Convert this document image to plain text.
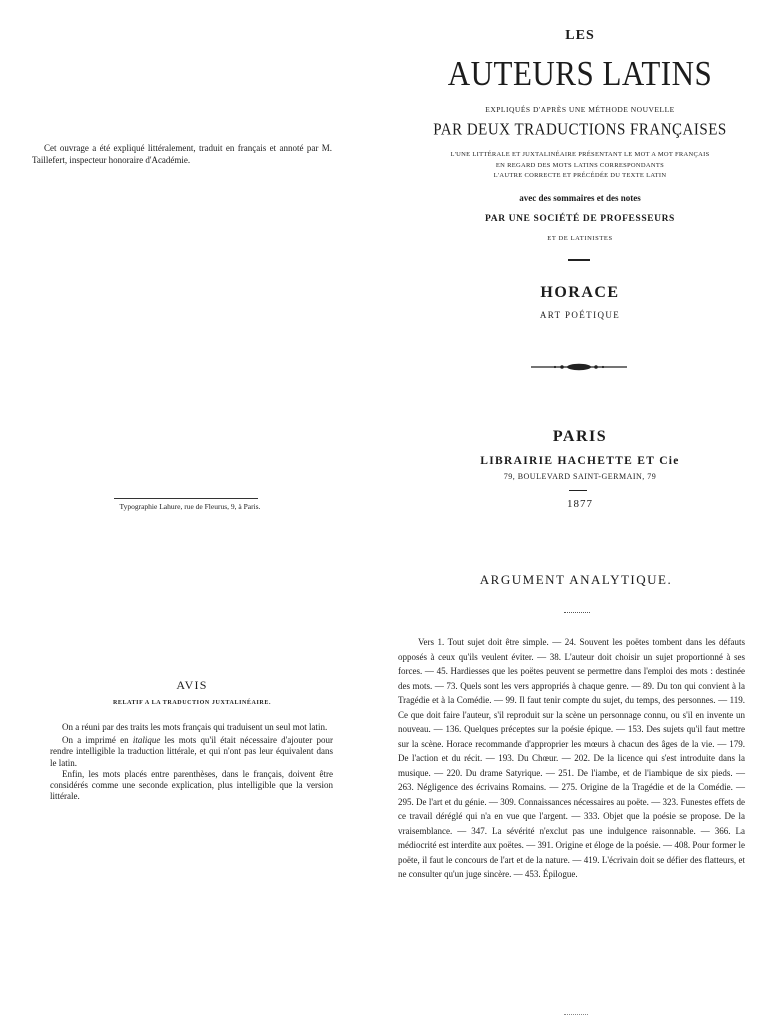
Cet ouvrage a été expliqué littéralement, traduit en français et annoté par M. Taillefert, inspecteur honoraire d'Académie.
Typographie Lahure, rue de Fleurus, 9, à Paris.
LES
AUTEURS LATINS
EXPLIQUÉS D'APRÈS UNE MÉTHODE NOUVELLE
PAR DEUX TRADUCTIONS FRANÇAISES
L'UNE LITTÉRALE ET JUXTALINÉAIRE PRÉSENTANT LE MOT A MOT FRANÇAIS
EN REGARD DES MOTS LATINS CORRESPONDANTS
L'AUTRE CORRECTE ET PRÉCÉDÉE DU TEXTE LATIN
avec des sommaires et des notes
PAR UNE SOCIÉTÉ DE PROFESSEURS
ET DE LATINISTES
HORACE
ART POÉTIQUE
PARIS
LIBRAIRIE HACHETTE ET Cie
79, BOULEVARD SAINT-GERMAIN, 79
1877
AVIS
RELATIF A LA TRADUCTION JUXTALINÉAIRE.

On a réuni par des traits les mots français qui traduisent un seul mot latin.

On a imprimé en italique les mots qu'il était nécessaire d'ajouter pour rendre intelligible la traduction littérale, et qui n'ont pas leur équivalent dans le latin.

Enfin, les mots placés entre parenthèses, dans le français, doivent être considérés comme une seconde explication, plus intelligible que la version littérale.

ARGUMENT ANALYTIQUE.
Vers 1. Tout sujet doit être simple. — 24. Souvent les poëtes tombent dans les défauts opposés à ceux qu'ils veulent éviter. — 38. L'auteur doit choisir un sujet proportionné à ses forces. — 45. Hardiesses que les poëtes peuvent se permettre dans l'emploi des mots : destinée des mots. — 73. Quels sont les vers appropriés à chaque genre. — 89. Du ton qui convient à la Tragédie et à la Comédie. — 99. Il faut tenir compte du sujet, du temps, des personnes. — 119. Ce que doit faire l'auteur, s'il reproduit sur la scène un personnage connu, ou s'il en invente un nouveau. — 136. Quelques préceptes sur la poésie épique. — 153. Des sujets qu'il faut mettre sur la scène. Horace recommande d'approprier les mœurs à chacun des âges de la vie. — 179. De l'action et du récit. — 193. Du Chœur. — 202. De la licence qui s'est introduite dans la musique. — 220. Du drame Satyrique. — 251. De l'iambe, et de l'iambique de six pieds. — 263. Négligence des écrivains Romains. — 275. Origine de la Tragédie et de la Comédie. — 295. De l'art et du génie. — 309. Connaissances nécessaires au poëte. — 323. Funestes effets de ce travail déréglé qui n'a en vue que l'argent. — 333. Objet que la poésie se propose. De la vraisemblance. — 347. La sévérité n'exclut pas une indulgence raisonnable. — 366. La médiocrité est interdite aux poëtes. — 391. Origine et éloge de la poésie. — 408. Pour former le poëte, il faut le concours de l'art et de la nature. — 419. L'écrivain doit se défier des flatteurs, et ne consulter qu'un juge sincère. — 453. Épilogue.
